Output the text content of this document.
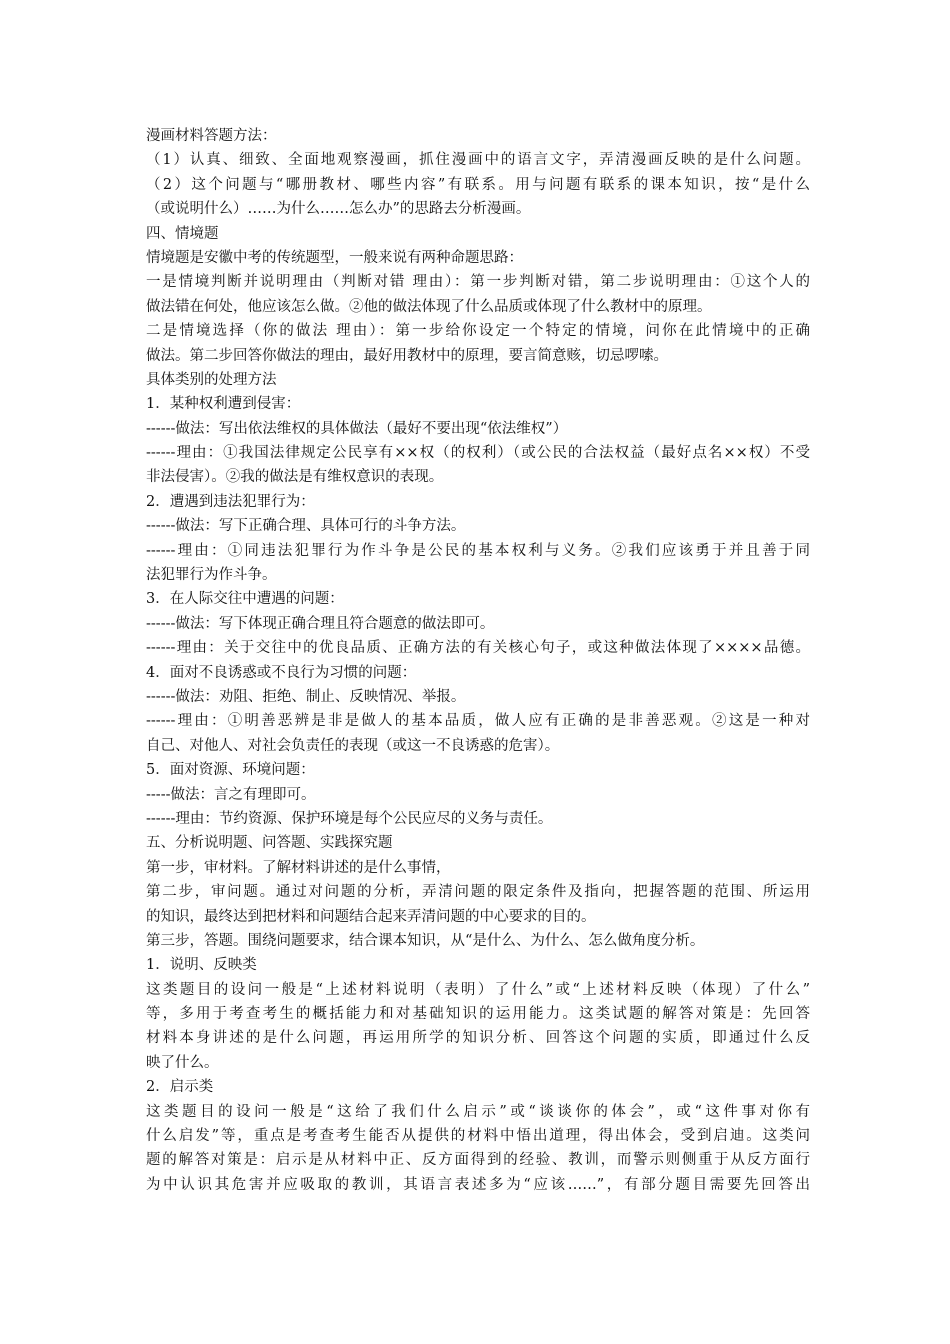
漫画材料答题方法：
（1）认真、细致、全面地观察漫画，抓住漫画中的语言文字，弄清漫画反映的是什么问题。
（2）这个问题与“哪册教材、哪些内容”有联系。用与问题有联系的课本知识，按“是什么
（或说明什么）……为什么……怎么办”的思路去分析漫画。
四、情境题
情境题是安徽中考的传统题型，一般来说有两种命题思路：
一是情境判断并说明理由（判断对错 理由）：第一步判断对错，第二步说明理由：①这个人的
做法错在何处，他应该怎么做。②他的做法体现了什么品质或体现了什么教材中的原理。
二是情境选择（你的做法 理由）：第一步给你设定一个特定的情境，问你在此情境中的正确
做法。第二步回答你做法的理由，最好用教材中的原理，要言简意赅，切忌啰嗦。
具体类别的处理方法
1．某种权利遭到侵害：
------做法：写出依法维权的具体做法（最好不要出现“依法维权”）
------理由：①我国法律规定公民享有××权（的权利）（或公民的合法权益（最好点名××权）不受
非法侵害）。②我的做法是有维权意识的表现。
2．遭遇到违法犯罪行为：
------做法：写下正确合理、具体可行的斗争方法。
------理由：①同违法犯罪行为作斗争是公民的基本权利与义务。②我们应该勇于并且善于同
法犯罪行为作斗争。
3．在人际交往中遭遇的问题：
------做法：写下体现正确合理且符合题意的做法即可。
------理由：关于交往中的优良品质、正确方法的有关核心句子，或这种做法体现了××××品德。
4．面对不良诱惑或不良行为习惯的问题：
------做法：劝阻、拒绝、制止、反映情况、举报。
------理由：①明善恶辨是非是做人的基本品质，做人应有正确的是非善恶观。②这是一种对
自己、对他人、对社会负责任的表现（或这一不良诱惑的危害）。
5．面对资源、环境问题：
-----做法：言之有理即可。
------理由：节约资源、保护环境是每个公民应尽的义务与责任。
五、分析说明题、问答题、实践探究题
第一步，审材料。了解材料讲述的是什么事情，
第二步，审问题。通过对问题的分析，弄清问题的限定条件及指向，把握答题的范围、所运用
的知识，最终达到把材料和问题结合起来弄清问题的中心要求的目的。
第三步，答题。围绕问题要求，结合课本知识，从“是什么、为什么、怎么做角度分析。
1．说明、反映类
这类题目的设问一般是“上述材料说明（表明）了什么”或“上述材料反映（体现）了什么”
等，多用于考查考生的概括能力和对基础知识的运用能力。这类试题的解答对策是：先回答
材料本身讲述的是什么问题，再运用所学的知识分析、回答这个问题的实质，即通过什么反
映了什么。
2．启示类
这类题目的设问一般是“这给了我们什么启示”或“谈谈你的体会”，或“这件事对你有
什么启发”等，重点是考查考生能否从提供的材料中悟出道理，得出体会，受到启迪。这类问
题的解答对策是：启示是从材料中正、反方面得到的经验、教训，而警示则侧重于从反方面行
为中认识其危害并应吸取的教训，其语言表述多为“应该……”，有部分题目需要先回答出
